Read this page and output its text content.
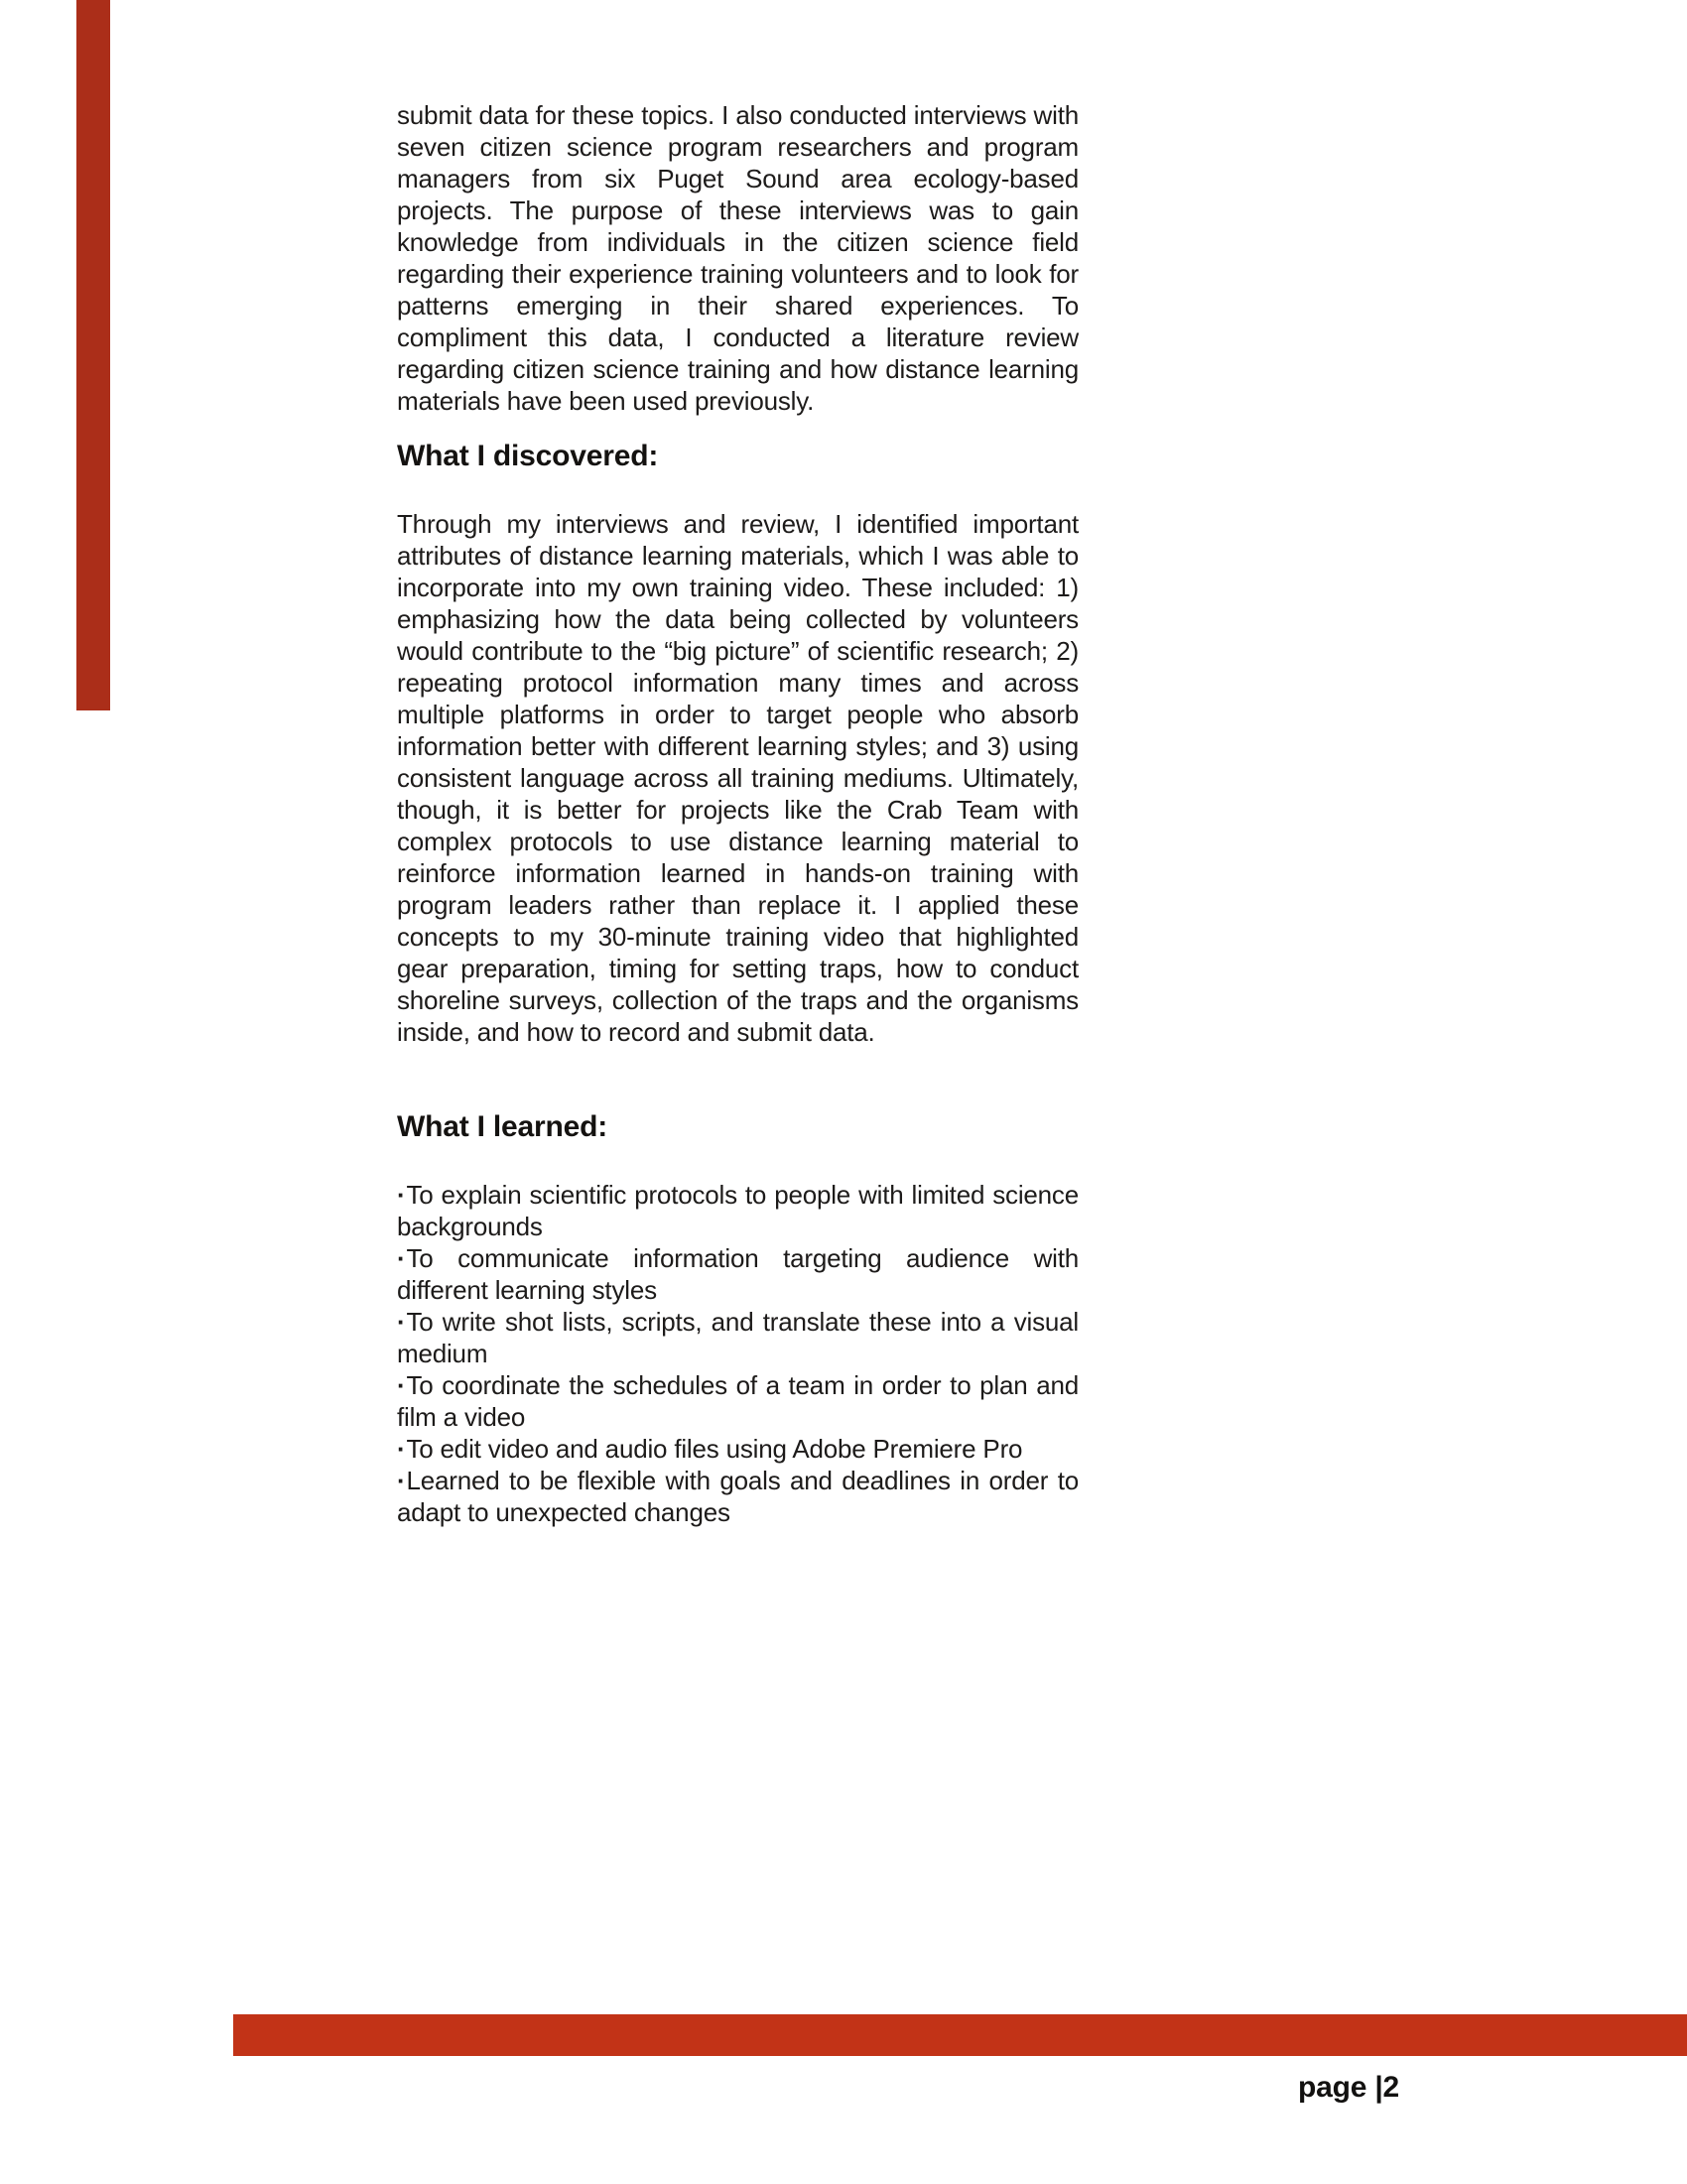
submit data for these topics. I also conducted interviews with seven citizen science program researchers and program managers from six Puget Sound area ecology-based projects. The purpose of these interviews was to gain knowledge from individuals in the citizen science field regarding their experience training volunteers and to look for patterns emerging in their shared experiences. To compliment this data, I conducted a literature review regarding citizen science training and how distance learning materials have been used previously.

What I discovered:

Through my interviews and review, I identified important attributes of distance learning materials, which I was able to incorporate into my own training video. These included: 1) emphasizing how the data being collected by volunteers would contribute to the “big picture” of scientific research; 2) repeating protocol information many times and across multiple platforms in order to target people who absorb information better with different learning styles; and 3) using consistent language across all training mediums. Ultimately, though, it is better for projects like the Crab Team with complex protocols to use distance learning material to reinforce information learned in hands-on training with program leaders rather than replace it. I applied these concepts to my 30-minute training video that highlighted gear preparation, timing for setting traps, how to conduct shoreline surveys, collection of the traps and the organisms inside, and how to record and submit data.

What I learned:

·To explain scientific protocols to people with limited science backgrounds

·To communicate information targeting audience with different learning styles

·To write shot lists, scripts, and translate these into a visual medium

·To coordinate the schedules of a team in order to plan and film a video

·To edit video and audio files using Adobe Premiere Pro

·Learned to be flexible with goals and deadlines in order to adapt to unexpected changes

page |2
